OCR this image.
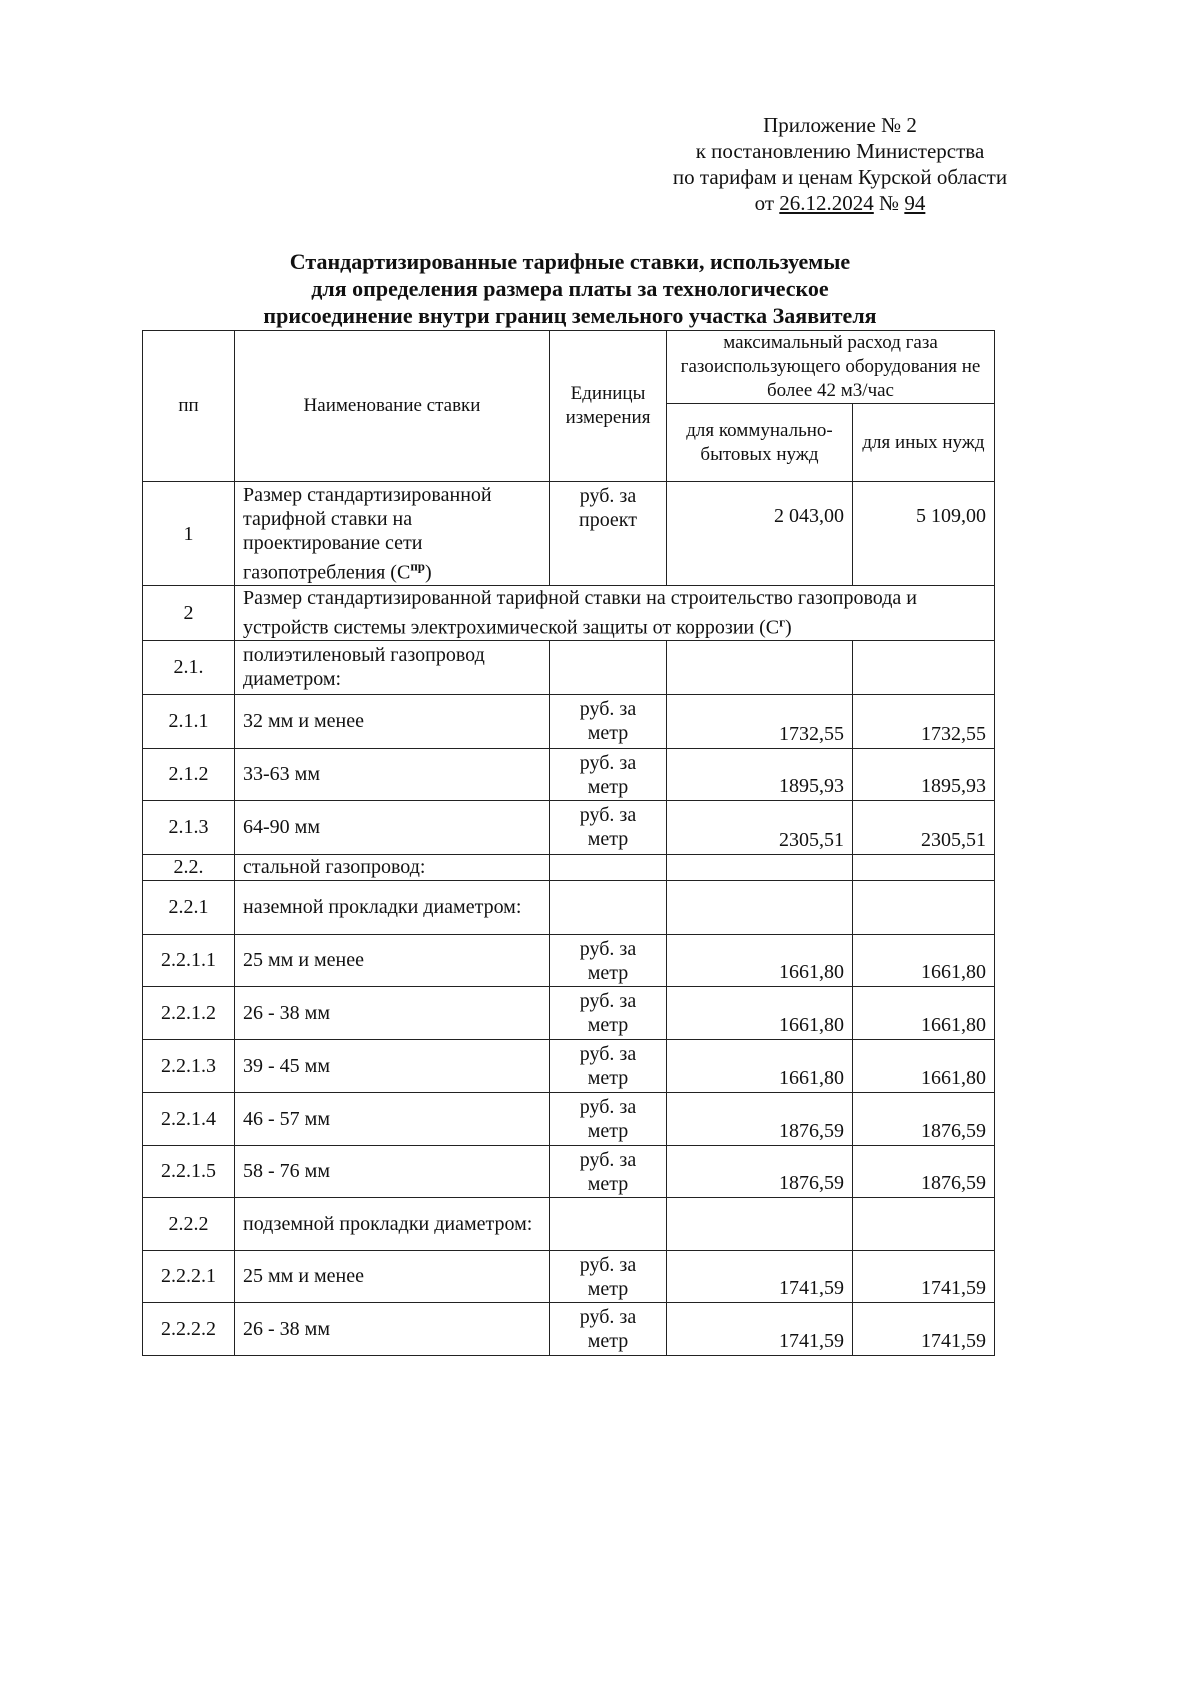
Приложение № 2
к постановлению Министерства
по тарифам и ценам Курской области
от 26.12.2024 № 94
Стандартизированные тарифные ставки, используемые
для определения размера платы за технологическое
присоединение внутри границ земельного участка Заявителя
пп	Наименование ставки	Единицы измерения	максимальный расход газа газоиспользующего оборудования не более 42 м3/час	
			для коммунально-бытовых нужд	для иных нужд
1	Размер стандартизированной тарифной ставки на проектирование сети газопотребления $(С^{пр})$	руб. за проект	2 043,00	5 109,00
2	Размер стандартизированной тарифной ставки на строительство газопровода и устройств системы электрохимической защиты от коррозии $(С^г)$			
2.1.	полиэтиленовый газопровод диаметром:			
2.1.1	32 мм и менее	руб. за метр	1732,55	1732,55
2.1.2	33-63 мм	руб. за метр	1895,93	1895,93
2.1.3	64-90 мм	руб. за метр	2305,51	2305,51
2.2.	стальной газопровод:			
2.2.1	наземной прокладки диаметром:			
2.2.1.1	25 мм и менее	руб. за метр	1661,80	1661,80
2.2.1.2	26 - 38 мм	руб. за метр	1661,80	1661,80
2.2.1.3	39 - 45 мм	руб. за метр	1661,80	1661,80
2.2.1.4	46 - 57 мм	руб. за метр	1876,59	1876,59
2.2.1.5	58 - 76 мм	руб. за метр	1876,59	1876,59
2.2.2	подземной прокладки диаметром:			
2.2.2.1	25 мм и менее	руб. за метр	1741,59	1741,59
2.2.2.2	26 - 38 мм	руб. за метр	1741,59	1741,59
